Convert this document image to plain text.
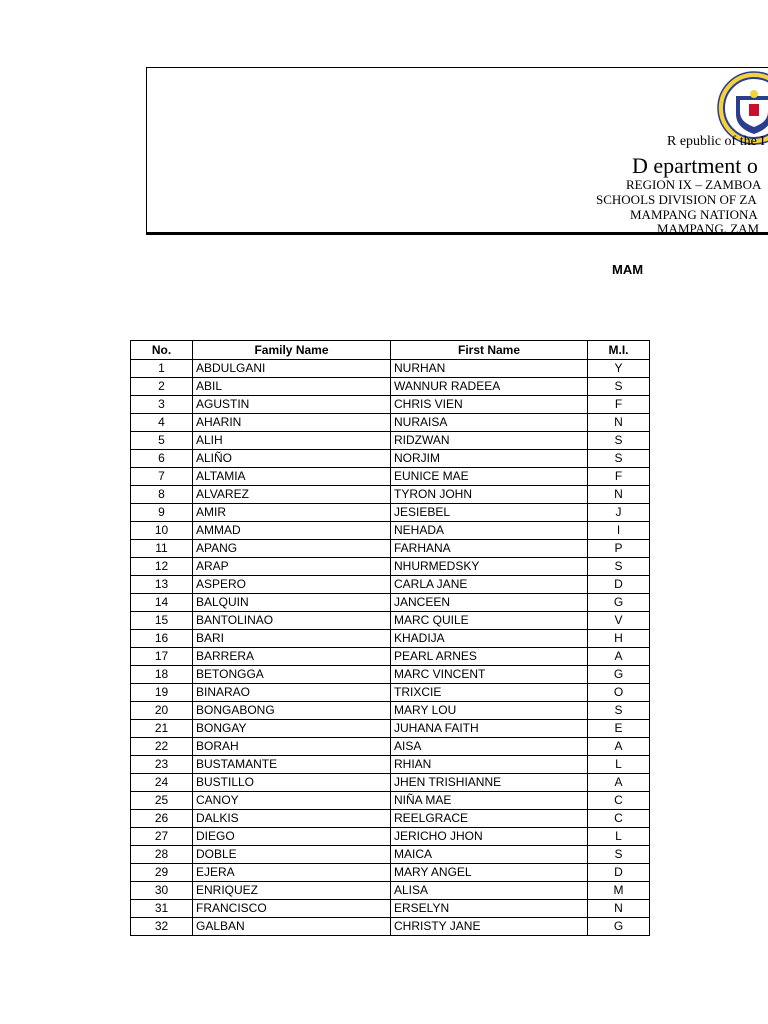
R epublic of the I
D epartment o
REGION IX – ZAMBOA
SCHOOLS DIVISION OF ZA
MAMPANG NATIONA
MAMPANG, ZAM
MAM
No.	Family Name	First Name	M.I.
1	ABDULGANI	NURHAN	Y
2	ABIL	WANNUR RADEEA	S
3	AGUSTIN	CHRIS VIEN	F
4	AHARIN	NURAISA	N
5	ALIH	RIDZWAN	S
6	ALIÑO	NORJIM	S
7	ALTAMIA	EUNICE MAE	F
8	ALVAREZ	TYRON JOHN	N
9	AMIR	JESIEBEL	J
10	AMMAD	NEHADA	I
11	APANG	FARHANA	P
12	ARAP	NHURMEDSKY	S
13	ASPERO	CARLA JANE	D
14	BALQUIN	JANCEEN	G
15	BANTOLINAO	MARC QUILE	V
16	BARI	KHADIJA	H
17	BARRERA	PEARL ARNES	A
18	BETONGGA	MARC VINCENT	G
19	BINARAO	TRIXCIE	O
20	BONGABONG	MARY LOU	S
21	BONGAY	JUHANA FAITH	E
22	BORAH	AISA	A
23	BUSTAMANTE	RHIAN	L
24	BUSTILLO	JHEN TRISHIANNE	A
25	CANOY	NIÑA MAE	C
26	DALKIS	REELGRACE	C
27	DIEGO	JERICHO JHON	L
28	DOBLE	MAICA	S
29	EJERA	MARY ANGEL	D
30	ENRIQUEZ	ALISA	M
31	FRANCISCO	ERSELYN	N
32	GALBAN	CHRISTY JANE	G
